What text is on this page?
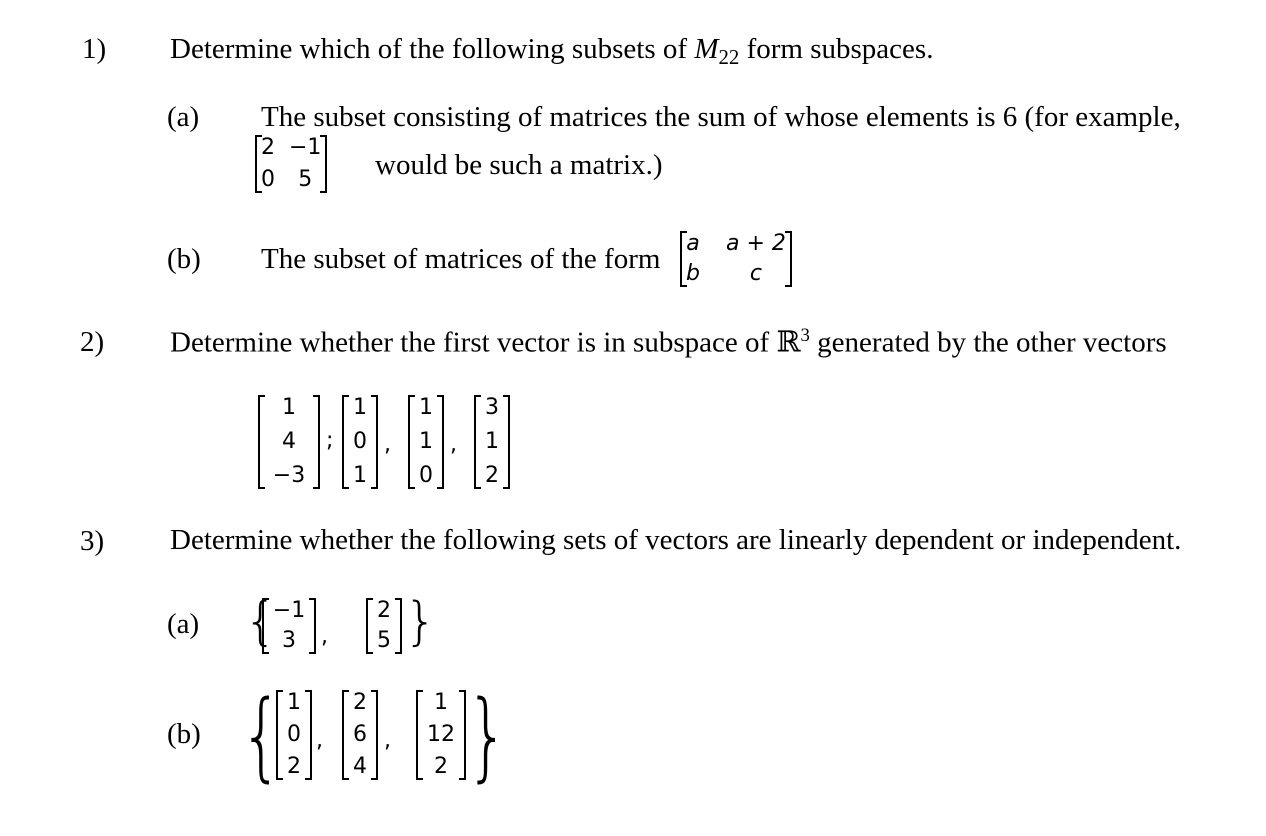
1) Determine which of the following subsets of $M_{22}$ form subspaces.
(a) The subset consisting of matrices the sum of whose elements is 6 (for example,
2 −1
0	5	would be such a matrix.)
(b) The subset of matrices of the form a a + 2
b	c
2) Determine whether the first vector is in subspace of ℝ$^3$ generated by the other vectors
1
4
−3
;
1
0
1
,
1
1
0
,
3
1
2
3) Determine whether the following sets of vectors are linearly dependent or independent.
(a) {
−1
3	,
2
5 }
(b) { 1
0
2
,
2
6
4
,
1
12
2 }
